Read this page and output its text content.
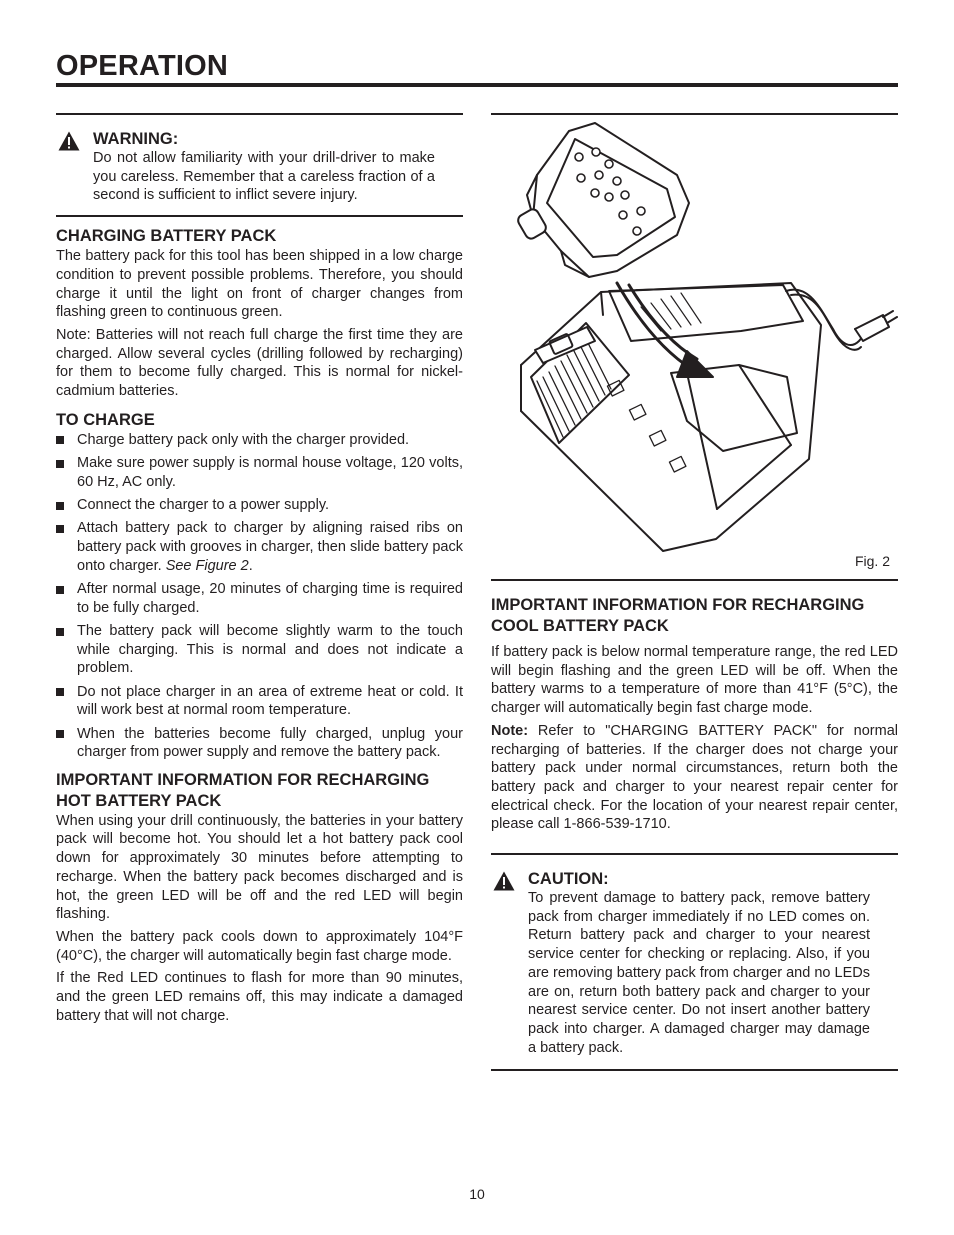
OPERATION
WARNING:
Do not allow familiarity with your drill-driver to make you careless. Remember that a careless fraction of a second is sufficient to inflict severe injury.
CHARGING BATTERY PACK

The battery pack for this tool has been shipped in a low charge condition to prevent possible problems. Therefore, you should charge it until the light on front of charger changes from flashing green to continuous green.

Note: Batteries will not reach full charge the first time they are charged. Allow several cycles (drilling followed by recharging) for them to become fully charged. This is normal for nickel-cadmium batteries.

TO CHARGE
Charge battery pack only with the charger provided.
Make sure power supply is normal house voltage, 120 volts, 60 Hz, AC only.
Connect the charger to a power supply.
Attach battery pack to charger by aligning raised ribs on battery pack with grooves in charger, then slide battery pack onto charger. See Figure 2.
After normal usage, 20 minutes of charging time is required to be fully charged.
The battery pack will become slightly warm to the touch while charging. This is normal and does not indicate a problem.
Do not place charger in an area of extreme heat or cold. It will work best at normal room temperature.
When the batteries become fully charged, unplug your charger from power supply and remove the battery pack.
IMPORTANT INFORMATION FOR RECHARGING HOT BATTERY PACK

When using your drill continuously, the batteries in your battery pack will become hot. You should let a hot battery pack cool down for approximately 30 minutes before attempting to recharge. When the battery pack becomes discharged and is hot, the green LED will be off and the red LED will begin flashing.

When the battery pack cools down to approximately 104°F (40°C), the charger will automatically begin fast charge mode.

If the Red LED continues to flash for more than 90 minutes, and the green LED remains off, this may indicate a damaged battery that will not charge.

Fig. 2
IMPORTANT INFORMATION FOR RECHARGING COOL BATTERY PACK

If battery pack is below normal temperature range, the red LED will begin flashing and the green LED will be off. When the battery warms to a temperature of more than 41°F (5°C), the charger will automatically begin fast charge mode.

Note: Refer to "CHARGING BATTERY PACK" for normal recharging of batteries. If the charger does not charge your battery pack under normal circumstances, return both the battery pack and charger to your nearest repair center for electrical check. For the location of your nearest repair center, please call 1-866-539-1710.

CAUTION:
To prevent damage to battery pack, remove battery pack from charger immediately if no LED comes on. Return battery pack and charger to your nearest service center for checking or replacing. Also, if you are removing battery pack from charger and no LEDs are on, return both battery pack and charger to your nearest service center. Do not insert another battery pack into charger. A damaged charger may damage a battery pack.
10
